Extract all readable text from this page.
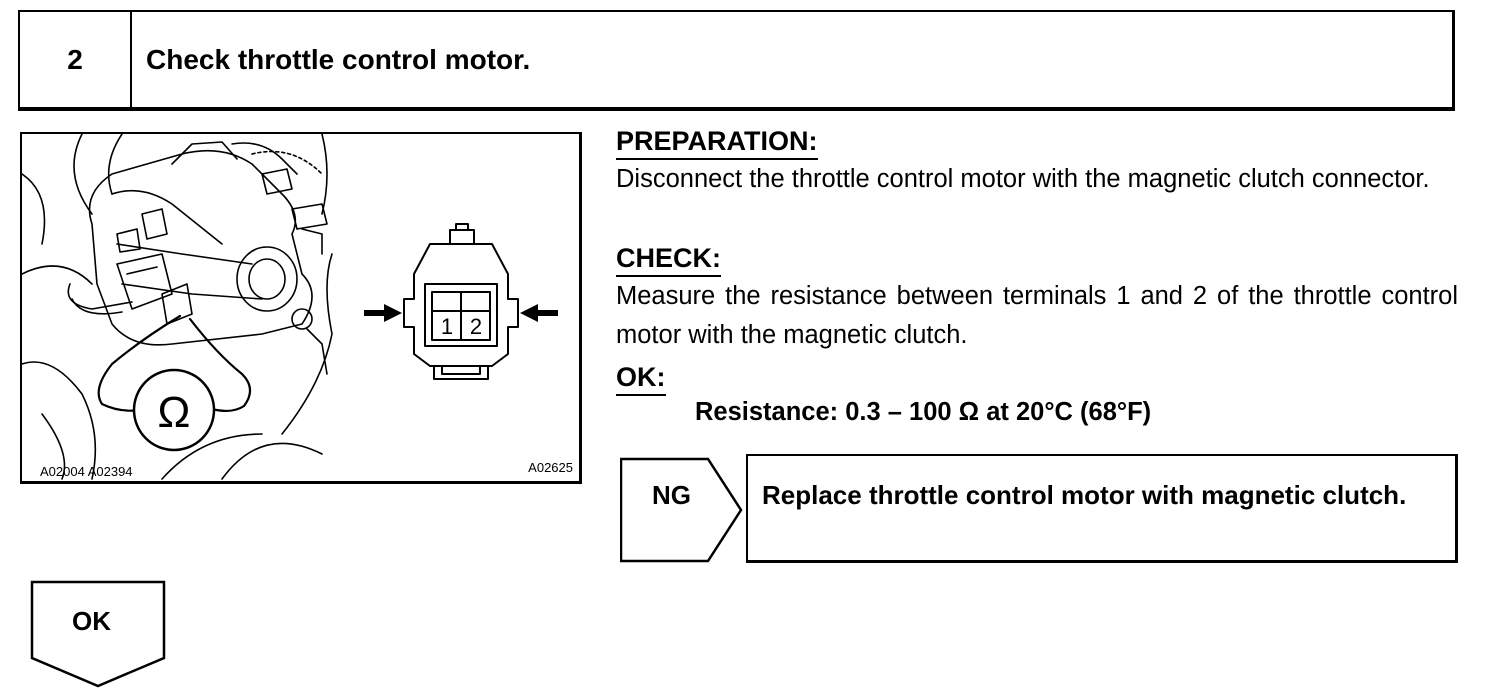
2	Check throttle control motor.
Ω
1 2
A02004 A02394	A02625
PREPARATION:
Disconnect the throttle control motor with the magnetic clutch connector.
CHECK:
Measure the resistance between terminals 1 and 2 of the throttle control motor with the magnetic clutch.
OK:
Resistance: 0.3 – 100 Ω at 20°C (68°F)
NG	Replace throttle control motor with magnetic clutch.
OK
